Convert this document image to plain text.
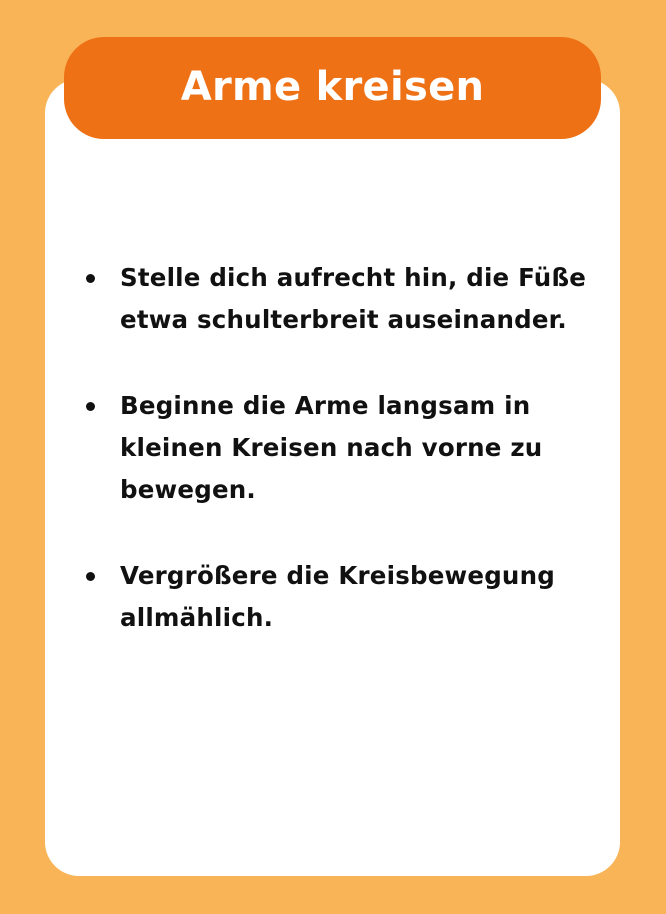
Arme kreisen
Stelle dich aufrecht hin, die Füße etwa schulterbreit auseinander.
Beginne die Arme langsam in kleinen Kreisen nach vorne zu bewegen.
Vergrößere die Kreisbewegung allmählich.
